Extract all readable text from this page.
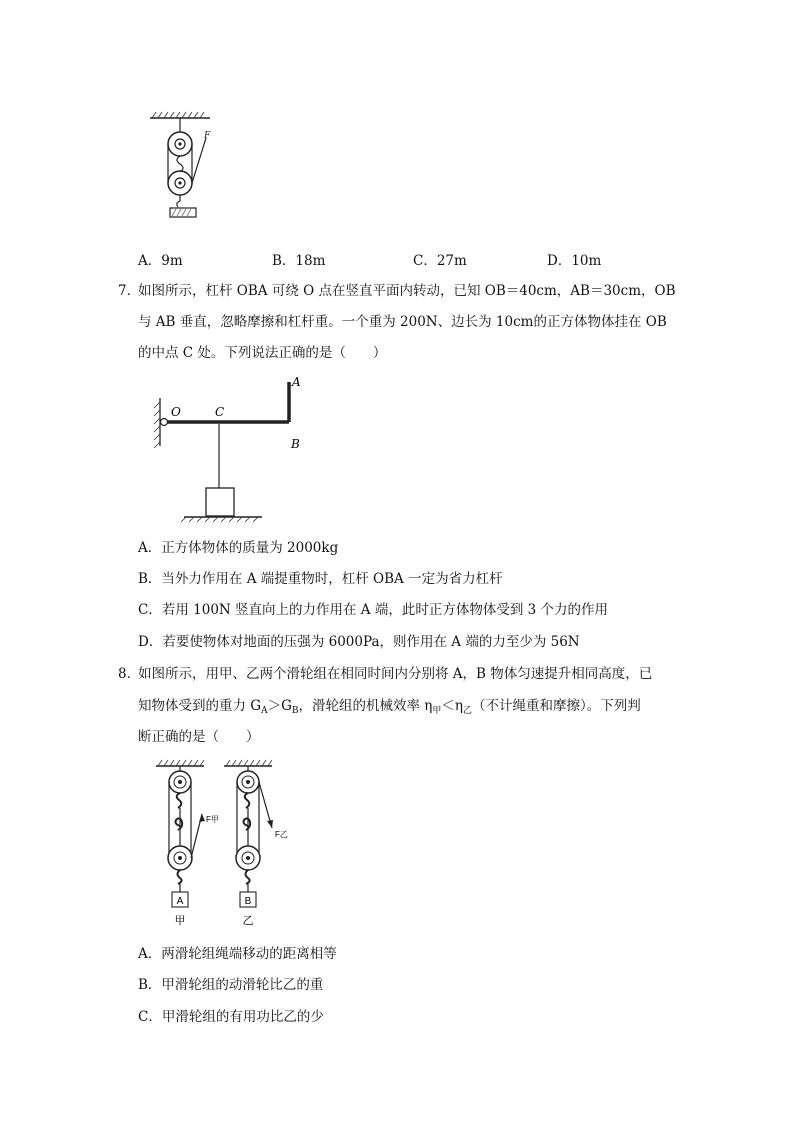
F
A．9m	B．18m	C．27m	D．10m
7．
如图所示，杠杆 OBA 可绕 O 点在竖直平面内转动，已知 OB＝40cm，AB＝30cm，OB
与 AB 垂直，忽略摩擦和杠杆重。一个重为 200N、边长为 10cm的正方体物体挂在 OB
的中点 C 处。下列说法正确的是（　　）
A
O	C
B
A．正方体物体的质量为 2000kg
B．当外力作用在 A 端提重物时，杠杆 OBA 一定为省力杠杆
C．若用 100N 竖直向上的力作用在 A 端，此时正方体物体受到 3 个力的作用
D．若要使物体对地面的压强为 6000Pa，则作用在 A 端的力至少为 56N
8．
如图所示，用甲、乙两个滑轮组在相同时间内分别将 A，B 物体匀速提升相同高度，已
知物体受到的重力 $G_A>G_B$，滑轮组的机械效率 $\eta_甲<\eta_乙$（不计绳重和摩擦）。下列判
断正确的是（　　）
A
甲
F甲
B
乙
F乙
A．两滑轮组绳端移动的距离相等
B．甲滑轮组的动滑轮比乙的重
C．甲滑轮组的有用功比乙的少
